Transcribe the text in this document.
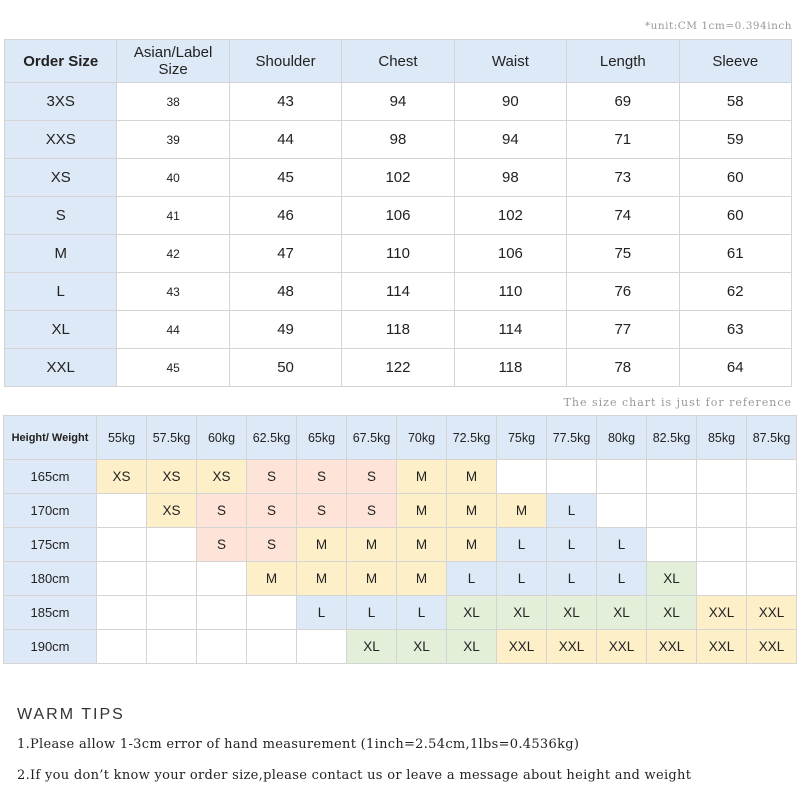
*unit:CM 1cm=0.394inch
Order Size	Asian/Label Size	Shoulder	Chest	Waist	Length	Sleeve
3XS	38	43	94	90	69	58
XXS	39	44	98	94	71	59
XS	40	45	102	98	73	60
S	41	46	106	102	74	60
M	42	47	110	106	75	61
L	43	48	114	110	76	62
XL	44	49	118	114	77	63
XXL	45	50	122	118	78	64
The size chart is just for reference
Height/ Weight	55kg	57.5kg	60kg	62.5kg	65kg	67.5kg	70kg	72.5kg	75kg	77.5kg	80kg	82.5kg	85kg	87.5kg
165cm	XS	XS	XS	S	S	S	M	M						
170cm		XS	S	S	S	S	M	M	M	L				
175cm			S	S	M	M	M	M	L	L	L			
180cm				M	M	M	M	L	L	L	L	XL		
185cm					L	L	L	XL	XL	XL	XL	XL	XXL	XXL
190cm						XL	XL	XL	XXL	XXL	XXL	XXL	XXL	XXL
WARM TIPS
1.Please allow 1-3cm error of hand measurement (1inch=2.54cm,1lbs=0.4536kg)
2.If you don’t know your order size,please contact us or leave a message about height and weight
